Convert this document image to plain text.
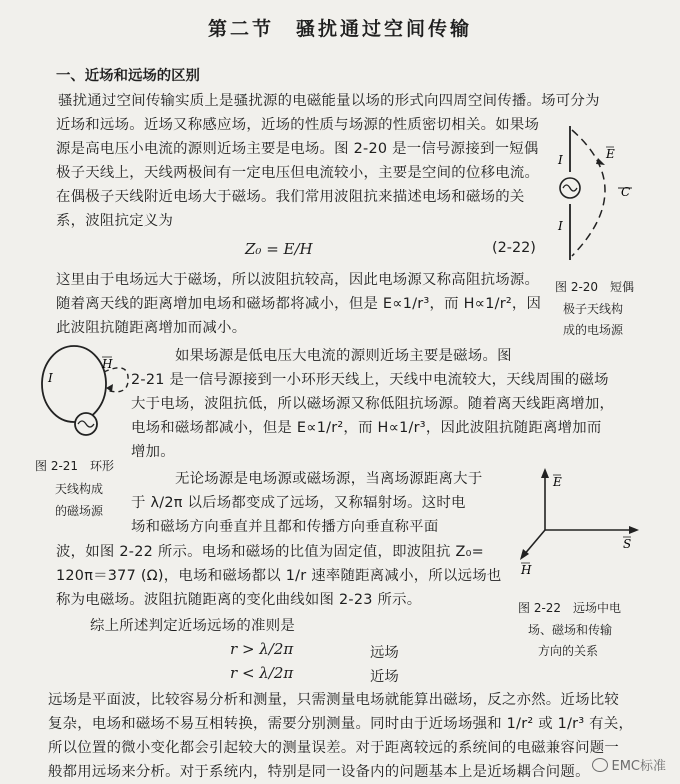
第二节　骚扰通过空间传输
一、近场和远场的区别
骚扰通过空间传输实质上是骚扰源的电磁能量以场的形式向四周空间传播。场可分为
近场和远场。近场又称感应场，近场的性质与场源的性质密切相关。如果场
源是高电压小电流的源则近场主要是电场。图 2-20 是一信号源接到一短偶
极子天线上，天线两极间有一定电压但电流较小，主要是空间的位移电流。
在偶极子天线附近电场大于磁场。我们常用波阻抗来描述电场和磁场的关
系，波阻抗定义为
Z₀ = E/H	(2-22)
这里由于电场远大于磁场，所以波阻抗较高，因此电场源又称高阻抗场源。
随着离天线的距离增加电场和磁场都将减小，但是 E∝1/r³，而 H∝1/r²，因
此波阻抗随距离增加而减小。
如果场源是低电压大电流的源则近场主要是磁场。图
2-21 是一信号源接到一小环形天线上，天线中电流较大，天线周围的磁场
大于电场，波阻抗低，所以磁场源又称低阻抗场源。随着离天线距离增加，
电场和磁场都减小，但是 E∝1/r²，而 H∝1/r³，因此波阻抗随距离增加而
增加。
无论场源是电场源或磁场源，当离场源距离大于
于 λ/2π 以后场都变成了远场，又称辐射场。这时电
场和磁场方向垂直并且都和传播方向垂直称平面
波，如图 2-22 所示。电场和磁场的比值为固定值，即波阻抗 Z₀=
120π＝377 (Ω)，电场和磁场都以 1/r 速率随距离减小，所以远场也
称为电磁场。波阻抗随距离的变化曲线如图 2-23 所示。
综上所述判定近场远场的准则是
r > λ/2π	远场
r < λ/2π	近场
远场是平面波，比较容易分析和测量，只需测量电场就能算出磁场，反之亦然。近场比较
复杂，电场和磁场不易互相转换，需要分别测量。同时由于近场场强和 1/r² 或 1/r³ 有关，
所以位置的微小变化都会引起较大的测量误差。对于距离较远的系统间的电磁兼容问题一
般都用远场来分析。对于系统内，特别是同一设备内的问题基本上是近场耦合问题。
I
I
E
C
图 2-20　短偶
极子天线构
成的电场源
I
H
图 2-21　环形
天线构成
的磁场源
E
S
H
图 2-22　远场中电
场、磁场和传输
方向的关系
EMC标准
